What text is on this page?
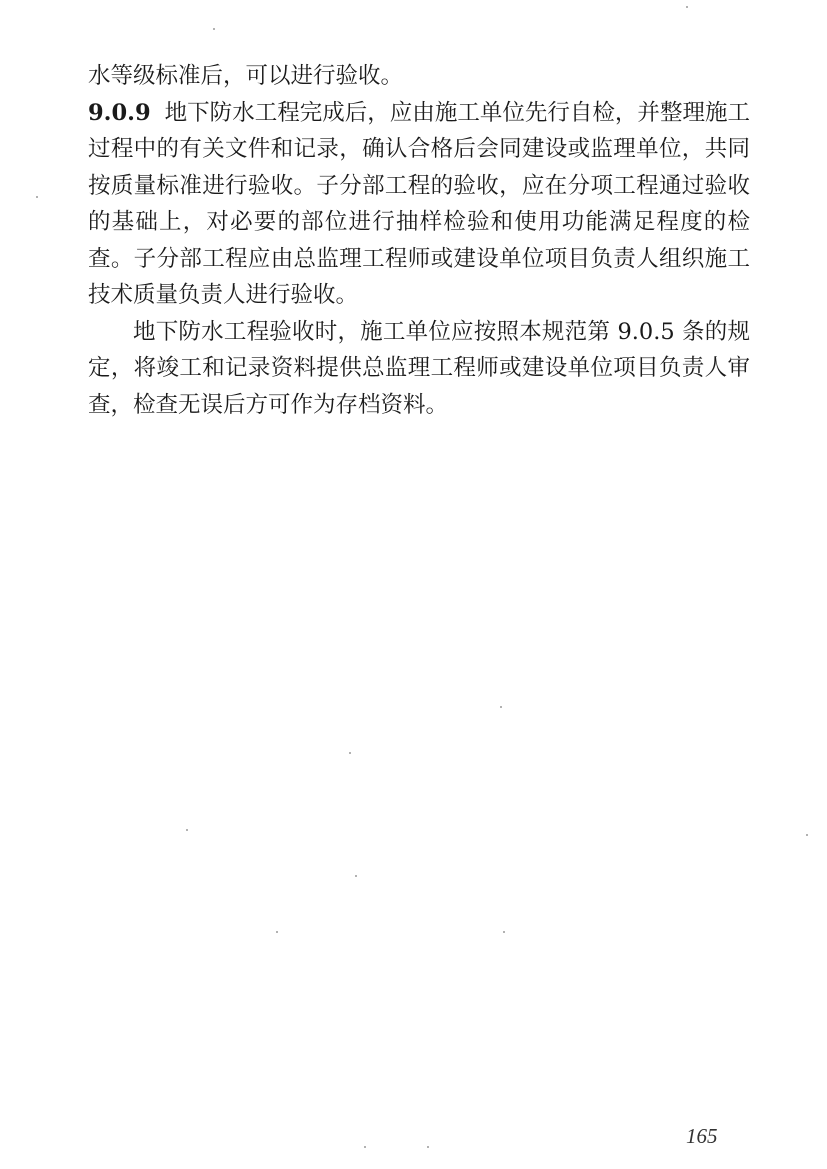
水等级标准后，可以进行验收。

9.0.9 地下防水工程完成后，应由施工单位先行自检，并整理施工过程中的有关文件和记录，确认合格后会同建设或监理单位，共同按质量标准进行验收。子分部工程的验收，应在分项工程通过验收的基础上，对必要的部位进行抽样检验和使用功能满足程度的检查。子分部工程应由总监理工程师或建设单位项目负责人组织施工技术质量负责人进行验收。

地下防水工程验收时，施工单位应按照本规范第 9.0.5 条的规定，将竣工和记录资料提供总监理工程师或建设单位项目负责人审查，检查无误后方可作为存档资料。

165
